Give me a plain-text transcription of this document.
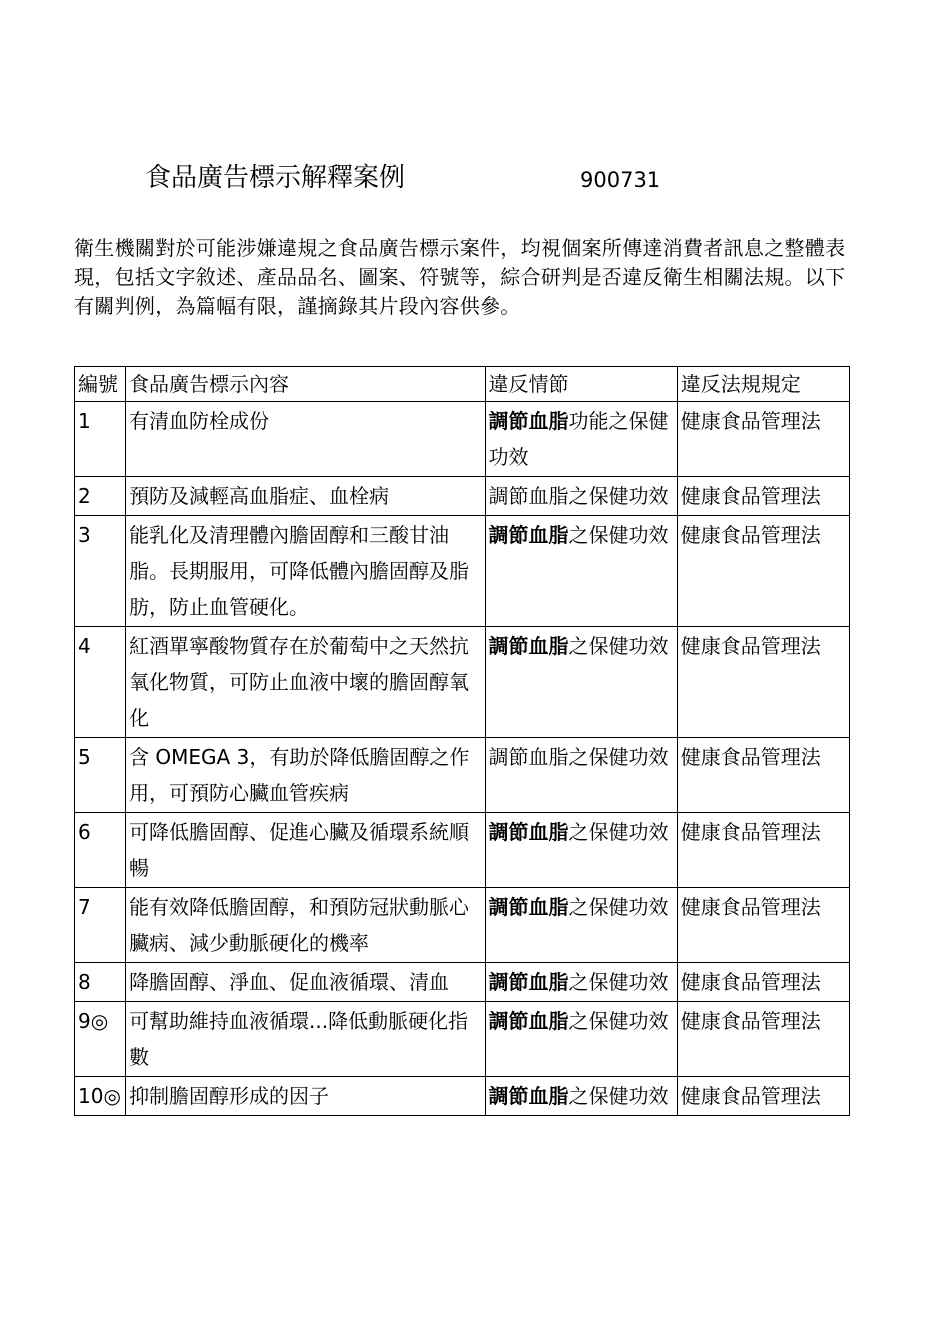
食品廣告標示解釋案例	900731

衛生機關對於可能涉嫌違規之食品廣告標示案件，均視個案所傳達消費者訊息之整體表現，包括文字敘述、產品品名、圖案、符號等，綜合研判是否違反衛生相關法規。以下有關判例，為篇幅有限，謹摘錄其片段內容供參。

編號	食品廣告標示內容	違反情節	違反法規規定
1	有清血防栓成份	調節血脂功能之保健功效	健康食品管理法
2	預防及減輕高血脂症、血栓病	調節血脂之保健功效	健康食品管理法
3	能乳化及清理體內膽固醇和三酸甘油脂。長期服用，可降低體內膽固醇及脂肪，防止血管硬化。	調節血脂之保健功效	健康食品管理法
4	紅酒單寧酸物質存在於葡萄中之天然抗氧化物質，可防止血液中壞的膽固醇氧化	調節血脂之保健功效	健康食品管理法
5	含 OMEGA 3，有助於降低膽固醇之作用，可預防心臟血管疾病	調節血脂之保健功效	健康食品管理法
6	可降低膽固醇、促進心臟及循環系統順暢	調節血脂之保健功效	健康食品管理法
7	能有效降低膽固醇，和預防冠狀動脈心臟病、減少動脈硬化的機率	調節血脂之保健功效	健康食品管理法
8	降膽固醇、淨血、促血液循環、清血	調節血脂之保健功效	健康食品管理法
9◎	可幫助維持血液循環...降低動脈硬化指數	調節血脂之保健功效	健康食品管理法
10◎	抑制膽固醇形成的因子	調節血脂之保健功效	健康食品管理法
